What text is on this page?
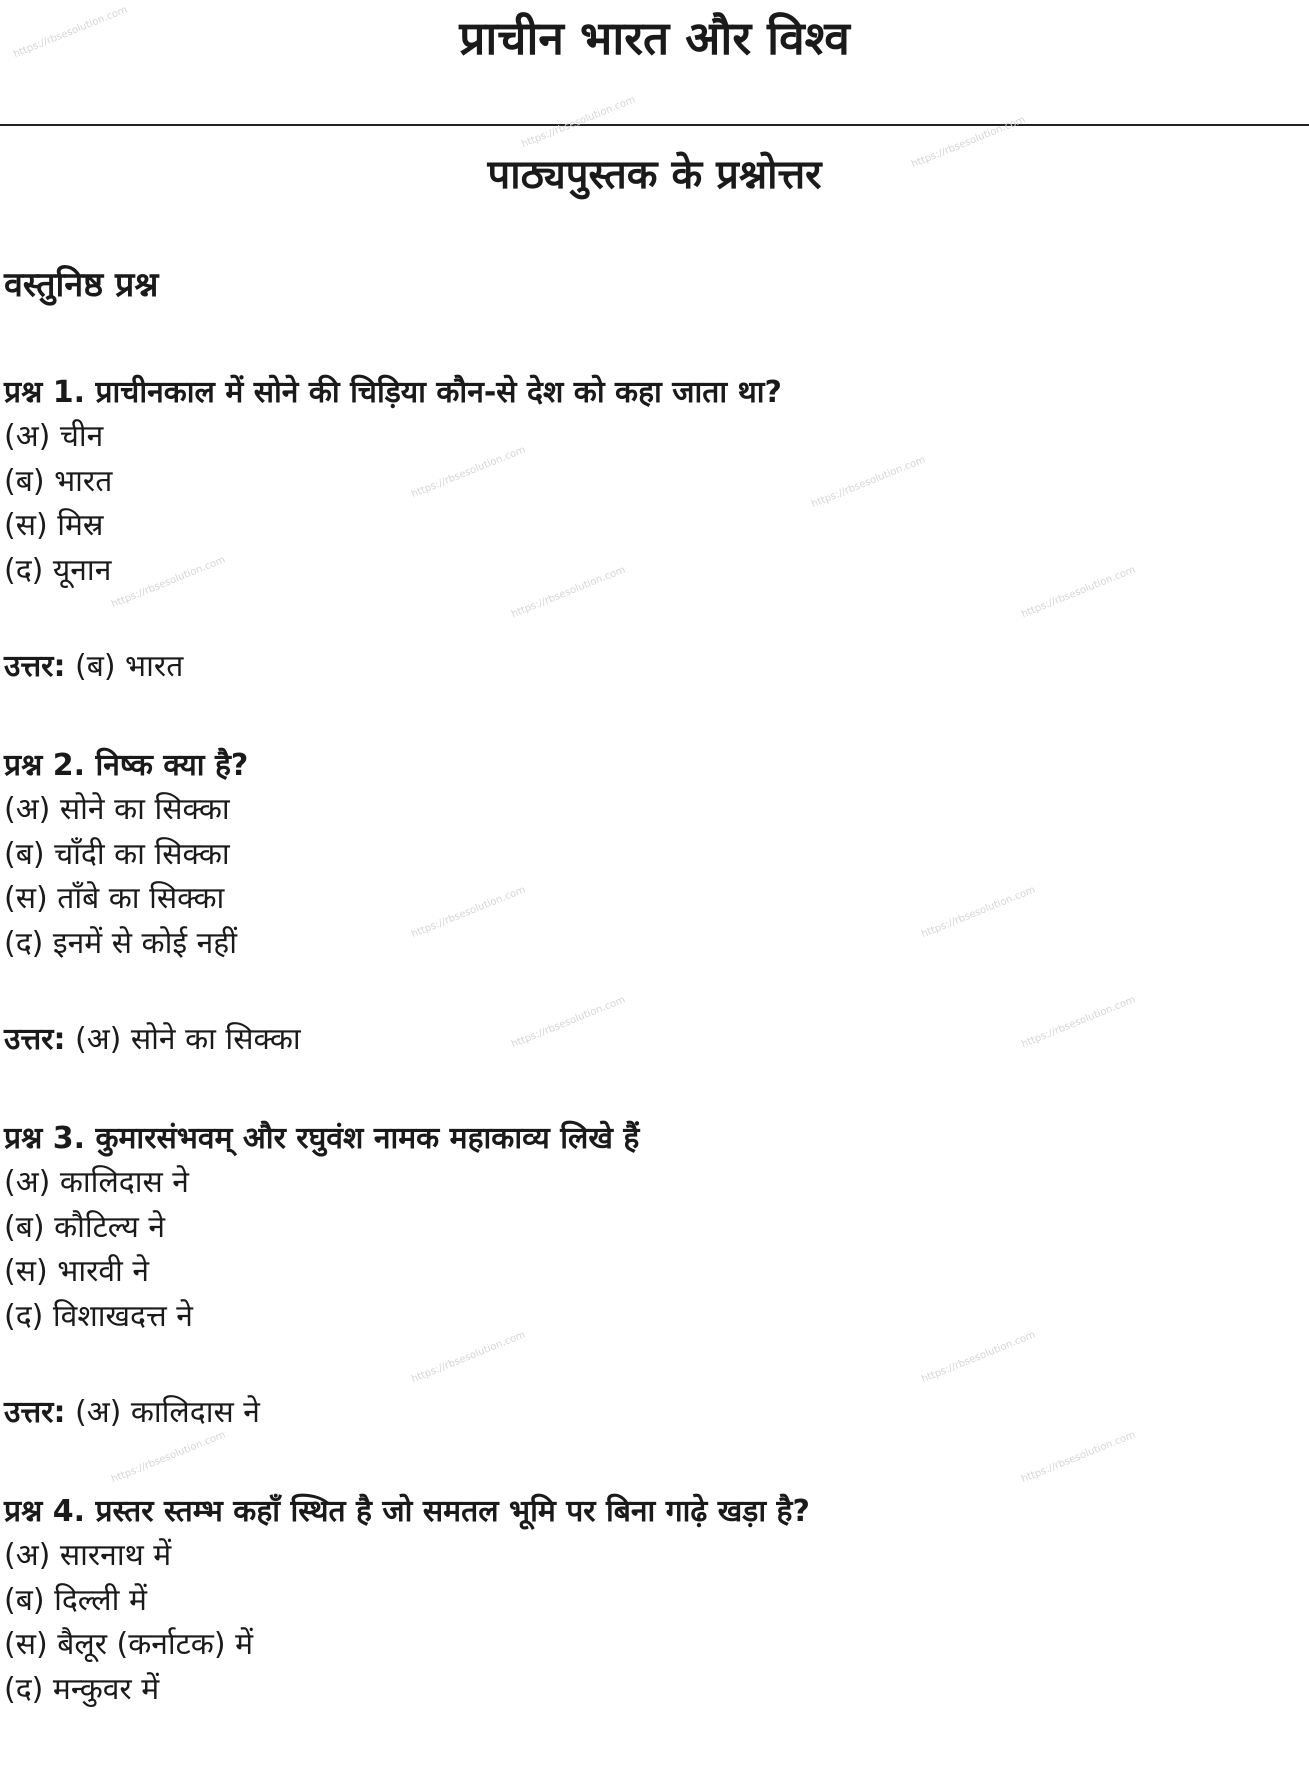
प्राचीन भारत और विश्व
पाठ्यपुस्तक के प्रश्नोत्तर
वस्तुनिष्ठ प्रश्न
प्रश्न 1. प्राचीनकाल में सोने की चिड़िया कौन-से देश को कहा जाता था?
(अ) चीन
(ब) भारत
(स) मिस्र
(द) यूनान
उत्तर: (ब) भारत
प्रश्न 2. निष्क क्या है?
(अ) सोने का सिक्का
(ब) चाँदी का सिक्का
(स) ताँबे का सिक्का
(द) इनमें से कोई नहीं
उत्तर: (अ) सोने का सिक्का
प्रश्न 3. कुमारसंभवम् और रघुवंश नामक महाकाव्य लिखे हैं
(अ) कालिदास ने
(ब) कौटिल्य ने
(स) भारवी ने
(द) विशाखदत्त ने
उत्तर: (अ) कालिदास ने
प्रश्न 4. प्रस्तर स्तम्भ कहाँ स्थित है जो समतल भूमि पर बिना गाढ़े खड़ा है?
(अ) सारनाथ में
(ब) दिल्ली में
(स) बैलूर (कर्नाटक) में
(द) मन्कुवर में
https://rbsesolution.com
https://rbsesolution.com	https://rbsesolution.com
https://rbsesolution.com	https://rbsesolution.com
https://rbsesolution.com	https://rbsesolution.com	https://rbsesolution.com
https://rbsesolution.com	https://rbsesolution.com
https://rbsesolution.com	https://rbsesolution.com
https://rbsesolution.com	https://rbsesolution.com
https://rbsesolution.com	https://rbsesolution.com
